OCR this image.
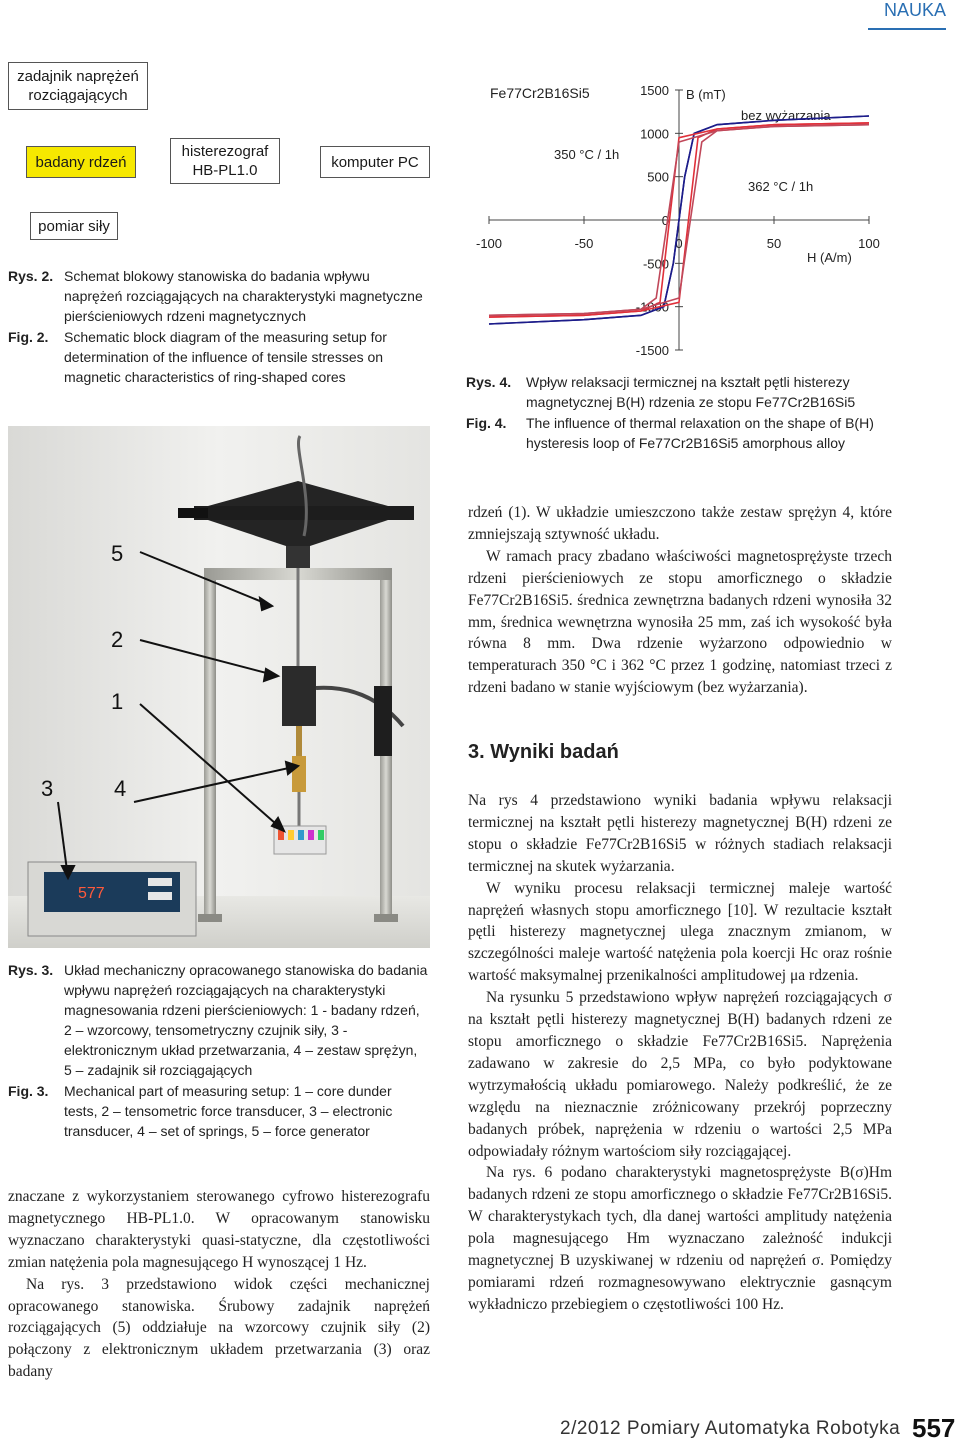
NAUKA
zadajnik naprężeń rozciągających
badany rdzeń
histerezograf HB-PL1.0	komputer PC
pomiar siły
Rys. 2. Schemat blokowy stanowiska do badania wpływu naprężeń rozciągających na charakterystyki magnetyczne pierścieniowych rdzeni magnetycznych
Fig. 2. Schematic block diagram of the measuring setup for determination of the influence of tensile stresses on magnetic characteristics of ring-shaped cores
Fe77Cr2B16Si5	B (mT)
bez wyżarzania
350 °C / 1h
362 °C / 1h
H (A/m)
-100	-50	0	50	100
-1500
-1000
-500
0
500
1000
1500
Rys. 4. Wpływ relaksacji termicznej na kształt pętli histerezy magnetycznej B(H) rdzenia ze stopu Fe77Cr2B16Si5
Fig. 4. The influence of thermal relaxation on the shape of B(H) hysteresis loop of Fe77Cr2B16Si5 amorphous alloy
577
5
2
1
3	4
Rys. 3. Układ mechaniczny opracowanego stanowiska do badania wpływu naprężeń rozciągających na charakterystyki magnesowania rdzeni pierścieniowych: 1 - badany rdzeń, 2 – wzorcowy, tensometryczny czujnik siły, 3 - elektronicznym układ przetwarzania, 4 – zestaw sprężyn, 5 – zadajnik sił rozciągających
Fig. 3. Mechanical part of measuring setup: 1 – core dunder tests, 2 – tensometric force transducer, 3 – electronic transducer, 4 – set of springs, 5 – force generator
znaczane z wykorzystaniem sterowanego cyfrowo histerezografu magnetycznego HB-PL1.0. W opracowanym stanowisku wyznaczano charakterystyki quasi-statyczne, dla częstotliwości zmian natężenia pola magnesującego H wynoszącej 1 Hz.
Na rys. 3 przedstawiono widok części mechanicznej opracowanego stanowiska. Śrubowy zadajnik naprężeń rozciągających (5) oddziałuje na wzorcowy czujnik siły (2) połączony z elektronicznym układem przetwarzania (3) oraz badany
rdzeń (1). W układzie umieszczono także zestaw sprężyn 4, które zmniejszają sztywność układu.
W ramach pracy zbadano właściwości magnetosprężyste trzech rdzeni pierścieniowych ze stopu amorficznego o składzie Fe77Cr2B16Si5. średnica zewnętrzna badanych rdzeni wynosiła 32 mm, średnica wewnętrzna wynosiła 25 mm, zaś ich wysokość była równa 8 mm. Dwa rdzenie wyżarzono odpowiednio w temperaturach 350 °C i 362 °C przez 1 godzinę, natomiast trzeci z rdzeni badano w stanie wyjściowym (bez wyżarzania).
3. Wyniki badań
Na rys 4 przedstawiono wyniki badania wpływu relaksacji termicznej na kształt pętli histerezy magnetycznej B(H) rdzeni ze stopu o składzie Fe77Cr2B16Si5 w różnych stadiach relaksacji termicznej na skutek wyżarzania.
W wyniku procesu relaksacji termicznej maleje wartość naprężeń własnych stopu amorficznego [10]. W rezultacie kształt pętli histerezy magnetycznej ulega znacznym zmianom, w szczególności maleje wartość natężenia pola koercji Hc oraz rośnie wartość maksymalnej przenikalności amplitudowej μa rdzenia.
Na rysunku 5 przedstawiono wpływ naprężeń rozciągających σ na kształt pętli histerezy magnetycznej B(H) badanych rdzeni ze stopu amorficznego o składzie Fe77Cr2B16Si5. Naprężenia zadawano w zakresie do 2,5 MPa, co było podyktowane wytrzymałością układu pomiarowego. Należy podkreślić, że ze względu na nieznacznie zróżnicowany przekrój poprzeczny badanych próbek, naprężenia w rdzeniu o wartości 2,5 MPa odpowiadały różnym wartościom siły rozciągającej.
Na rys. 6 podano charakterystyki magnetosprężyste B(σ)Hm badanych rdzeni ze stopu amorficznego o składzie Fe77Cr2B16Si5. W charakterystykach tych, dla danej wartości amplitudy natężenia pola magnesującego Hm wyznaczano zależność indukcji magnetycznej B uzyskiwanej w rdzeniu od naprężeń σ. Pomiędzy pomiarami rdzeń rozmagnesowywano elektrycznie gasnącym wykładniczo przebiegiem o częstotliwości 100 Hz.
2/2012 Pomiary Automatyka Robotyka 557
